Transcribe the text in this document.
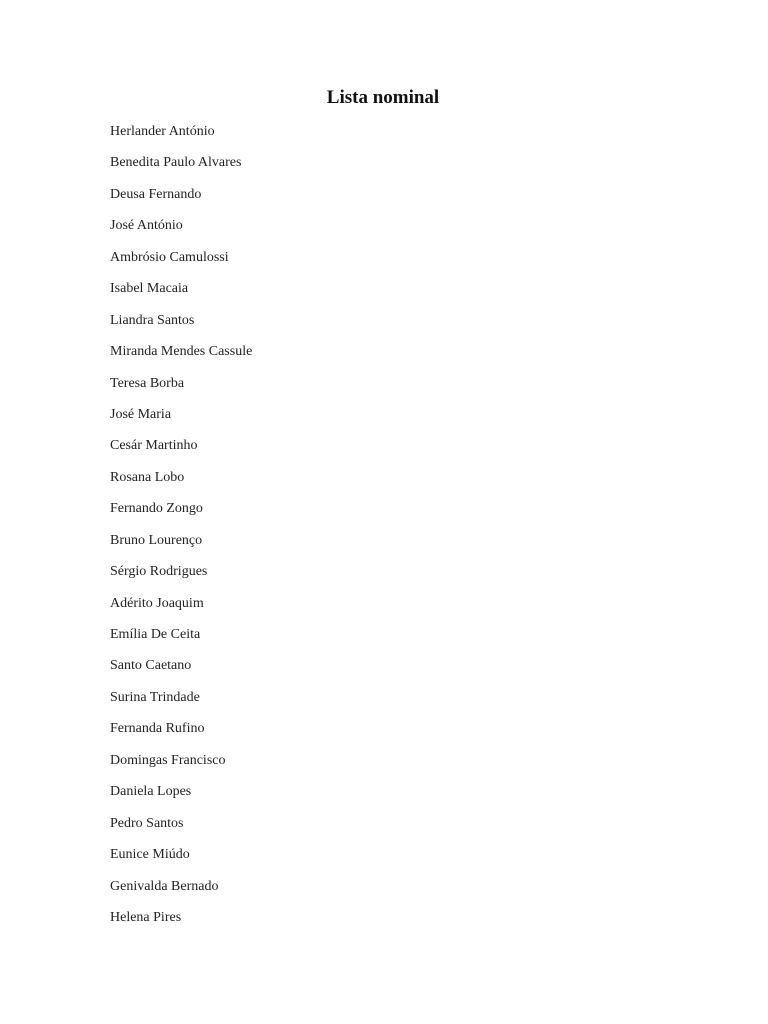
Lista nominal
Herlander António
Benedita Paulo Alvares
Deusa Fernando
José António
Ambrósio Camulossi
Isabel Macaia
Liandra Santos
Miranda Mendes Cassule
Teresa Borba
José Maria
Cesár Martinho
Rosana Lobo
Fernando Zongo
Bruno Lourenço
Sérgio Rodrigues
Adérito Joaquim
Emília De Ceita
Santo Caetano
Surina Trindade
Fernanda Rufino
Domingas Francisco
Daniela Lopes
Pedro Santos
Eunice Miúdo
Genivalda Bernado
Helena Pires
